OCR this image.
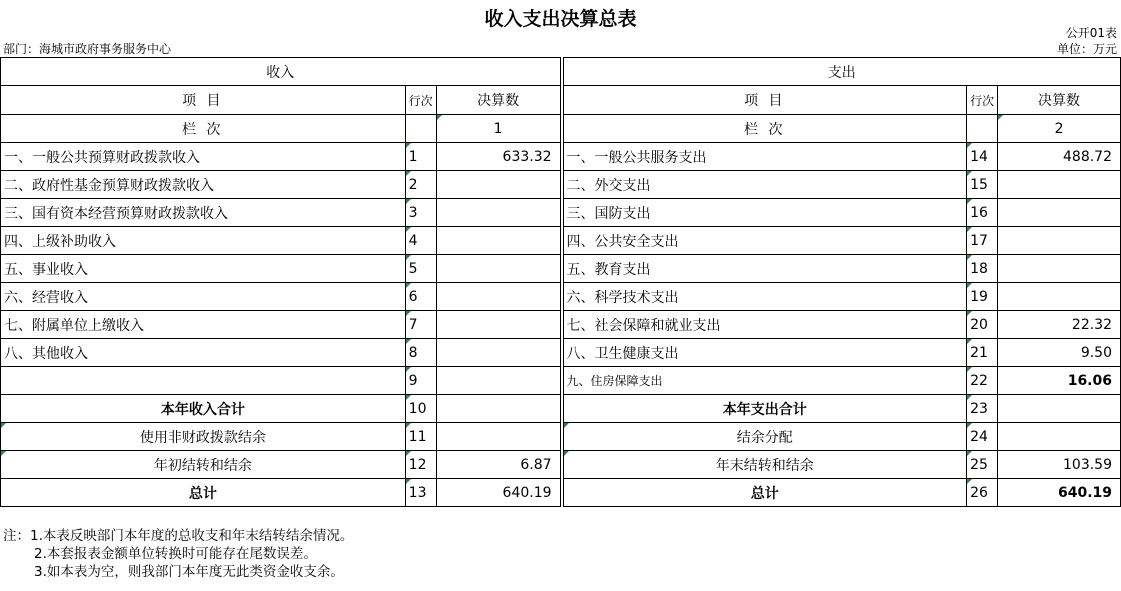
收入支出决算总表
公开01表
部门：海城市政府事务服务中心	单位：万元
收入				支出		
项 目	行次	决算数		项 目	行次	决算数
栏 次		1		栏 次		2
一、一般公共预算财政拨款收入	1	633.32		一、一般公共服务支出	14	488.72
二、政府性基金预算财政拨款收入	2			二、外交支出	15	
三、国有资本经营预算财政拨款收入	3			三、国防支出	16	
四、上级补助收入	4			四、公共安全支出	17	
五、事业收入	5			五、教育支出	18	
六、经营收入	6			六、科学技术支出	19	
七、附属单位上缴收入	7			七、社会保障和就业支出	20	22.32
八、其他收入	8			八、卫生健康支出	21	9.50
	9			九、住房保障支出	22	16.06
本年收入合计	10			本年支出合计	23	
使用非财政拨款结余	11			结余分配	24	
年初结转和结余	12	6.87		年末结转和结余	25	103.59
总计	13	640.19		总计	26	640.19
注：1.本表反映部门本年度的总收支和年末结转结余情况。
2.本套报表金额单位转换时可能存在尾数误差。
3.如本表为空，则我部门本年度无此类资金收支余。
